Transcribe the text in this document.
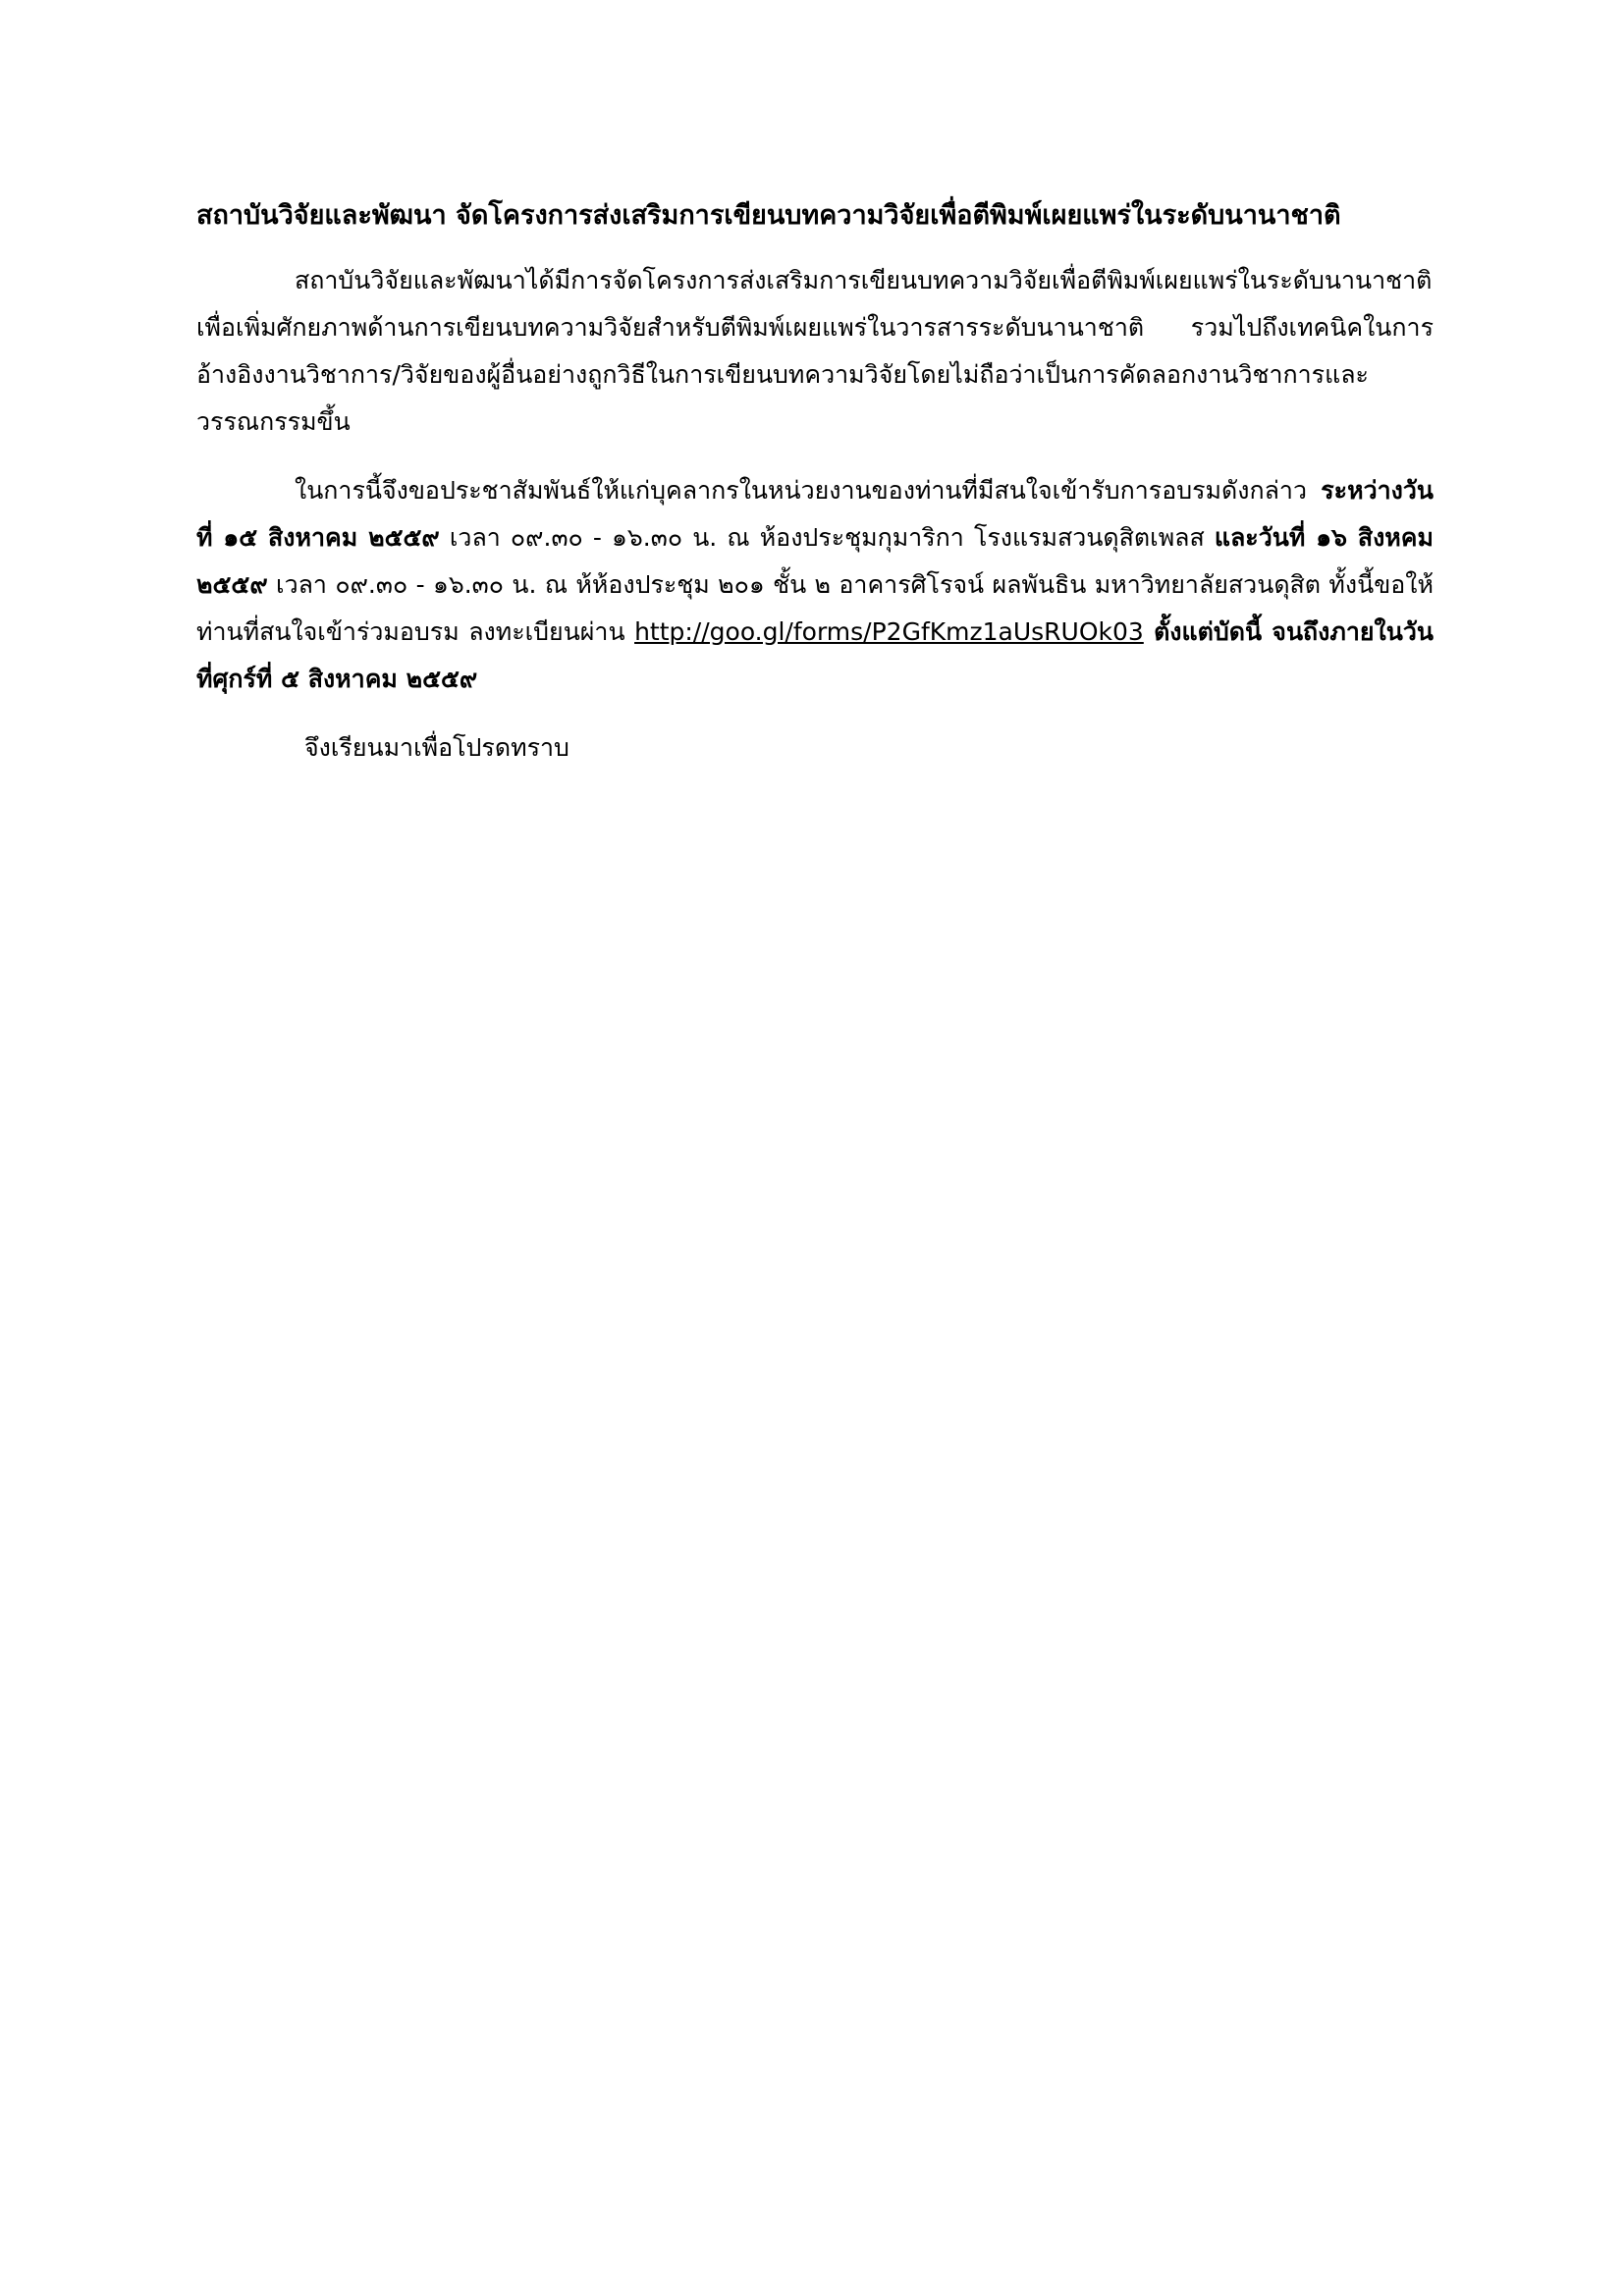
สถาบันวิจัยและพัฒนา จัดโครงการส่งเสริมการเขียนบทความวิจัยเพื่อตีพิมพ์เผยแพร่ในระดับนานาชาติ

สถาบันวิจัยและพัฒนาได้มีการจัดโครงการส่งเสริมการเขียนบทความวิจัยเพื่อตีพิมพ์เผยแพร่ในระดับนานาชาติ เพื่อเพิ่มศักยภาพด้านการเขียนบทความวิจัยสำหรับตีพิมพ์เผยแพร่ในวารสารระดับนานาชาติ รวมไปถึงเทคนิคในการอ้างอิงงานวิชาการ/วิจัยของผู้อื่นอย่างถูกวิธีในการเขียนบทความวิจัยโดยไม่ถือว่าเป็นการคัดลอกงานวิชาการและวรรณกรรมขึ้น

ในการนี้จึงขอประชาสัมพันธ์ให้แก่บุคลากรในหน่วยงานของท่านที่มีสนใจเข้ารับการอบรมดังกล่าว ระหว่างวันที่ ๑๕ สิงหาคม ๒๕๕๙ เวลา ๐๙.๓๐ - ๑๖.๓๐ น. ณ ห้องประชุมกุมาริกา โรงแรมสวนดุสิตเพลส และวันที่ ๑๖ สิงหคม ๒๕๕๙ เวลา ๐๙.๓๐ - ๑๖.๓๐ น. ณ ห้ห้องประชุม ๒๐๑ ชั้น ๒ อาคารศิโรจน์ ผลพันธิน มหาวิทยาลัยสวนดุสิต ทั้งนี้ขอให้ท่านที่สนใจเข้าร่วมอบรม ลงทะเบียนผ่าน http://goo.gl/forms/P2GfKmz1aUsRUOk03 ตั้งแต่บัดนี้ จนถึงภายในวันที่ศุกร์ที่ ๕ สิงหาคม ๒๕๕๙

จึงเรียนมาเพื่อโปรดทราบ
